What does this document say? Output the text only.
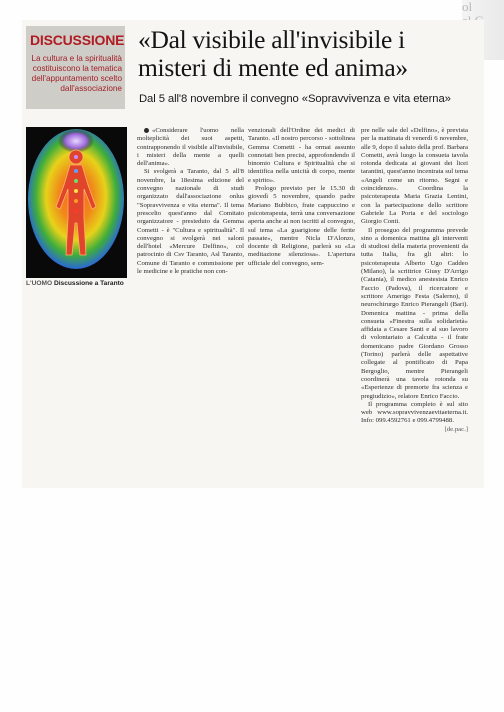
ol

DISCUSSIONE
La cultura e la spiritualità costituiscono la tematica dell'appuntamento scelto dall'associazione
«Dal visibile all'invisibile i misteri di mente ed anima»
Dal 5 all'8 novembre il convegno «Sopravvivenza e vita eterna»
L'UOMO Discussione a Taranto

«Considerare l'uomo nella molteplicità dei suoi aspetti, contrapponendo il visibile all'invisibile, i misteri della mente a quelli dell'anima».

Si svolgerà a Taranto, dal 5 all'8 novembre, la 18esima edizione del convegno nazionale di studi organizzato dall'associazione onlus "Sopravvivenza e vita eterna". Il tema prescelto quest'anno dal Comitato organizzatore - presieduto da Gemma Cometti - è "Cultura e spiritualità". Il convegno si svolgerà nei saloni dell'hotel «Mercure Delfino», col patrocinio di Csv Taranto, Asl Taranto, Comune di Taranto e commissione per le medicine e le pratiche non con-

venzionali dell'Ordine dei medici di Taranto. «Il nostro percorso - sottolinea Gemma Cometti - ha ormai assunto connotati ben precisi, approfondendo il binomio Cultura e Spiritualità che si identifica nella unicità di corpo, mente e spirito».

Prologo previsto per le 15.30 di giovedì 5 novembre, quando padre Mariano Bubbico, frate cappuccino e psicoterapeuta, terrà una conversazione aperta anche ai non iscritti al convegno, sul tema «La guarigione delle ferite passate», mentre Nicla D'Alonzo, docente di Religione, parlerà su «La meditazione silenziosa». L'apertura ufficiale del convegno, sem-

pre nelle sale del «Delfino», è prevista per la mattinata di venerdì 6 novembre, alle 9, dopo il saluto della prof. Barbara Cometti, avrà luogo la consueta tavola rotonda dedicata ai giovani dei licei tarantini, quest'anno incentrata sul tema «Angeli come un ritorno. Segni e coincidenze». Coordina la psicoterapeuta Maria Grazia Lentini, con la partecipazione dello scrittore Gabriele La Porta e del sociologo Giorgio Conti.

Il proseguo del programma prevede sino a domenica mattina gli interventi di studiosi della materia provenienti da tutta Italia, fra gli altri: lo psicoterapeuta Alberto Ugo Caddeo (Milano), la scrittrice Giusy D'Arrigo (Catania), il medico anestesista Enrico Faccio (Padova), il ricercatore e scrittore Amerigo Festa (Salerno), il neurochirurgo Enrico Pierangeli (Bari). Domenica mattina - prima della consueta «Finestra sulla solidarietà» affidata a Cesare Santi e al suo lavoro di volontariato a Calcutta - il frate domenicano padre Giordano Grosso (Torino) parlerà delle aspettative collegate al pontificato di Papa Bergoglio, mentre Pierangeli coordinerà una tavola rotonda su «Esperienze di premorte fra scienza e pregiudizio», relatore Enrico Faccio.

Il programma completo è sul sito web www.sopravvivenzaevitaeterna.it. Info: 099.4592761 e 099.4799488.

[de.pac.]
